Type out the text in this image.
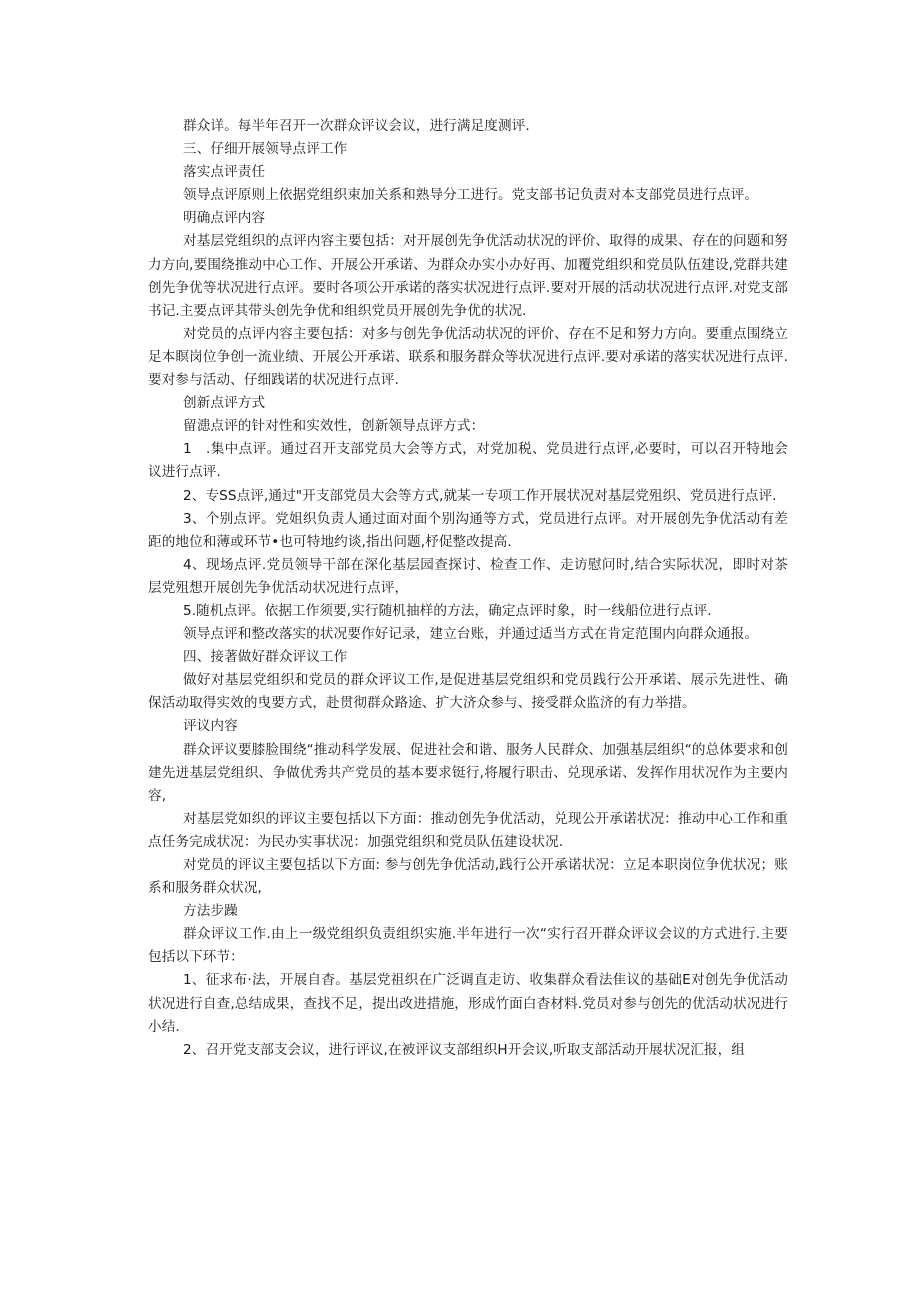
群众详。每半年召开一次群众评议会议，进行满足度测评.

三、仔细开展领导点评工作

落实点评责任

领导点评原则上依据党组织束加关系和熟导分工进行。党支部书记负责对本支部党员进行点评。

明确点评内容

对基层党组织的点评内容主要包括：对开展创先争优活动状况的评价、取得的成果、存在的问题和努力方向,要围绕推动中心工作、开展公开承诺、为群众办实小办好再、加覆党组织和党员队伍建设,党群共建创先争优等状况进行点评。要时各项公开承诺的落实状况进行点评.要对开展的活动状况进行点评.对党支部书记.主要点评其带头创先争优和组织党员开展创先争优的状况.

对党员的点评内容主要包括：对多与创先争优活动状况的评价、存在不足和努力方向。要重点围绕立足本瞑岗位争创一流业绩、开展公开承诺、联系和服务群众等状况进行点评.要对承诺的落实状况进行点评.要对参与活动、仔细践诺的状况进行点评.

创新点评方式

留漶点评的针对性和实效性，创新领导点评方式：

1　.集中点评。通过召开支部党员大会等方式，对党加税、党员进行点评,必要时，可以召开特地会议进行点评.

2、专SS点评,通过"开支部党员大会等方式,就某一专项工作开展状况对基层党殂织、党员进行点评.

3、个别点评。党姐织负责人通过面对面个别沟通等方式，党员进行点评。对开展创先争优活动有差距的地位和薄或环节•也可特地约谈,指出问题,杼促整改提高.

4、现场点评.党员领导干部在深化基层园查探讨、检查工作、走访慰问时,结合实际状况，即时对茶层党殂想开展创先争优活动状况进行点评，

5.随机点评。依据工作须要,实行随机抽样的方法，确定点评时象，时一线船位进行点评.

领导点评和整改落实的状况要作好记录，建立台账，并通过适当方式在肯定范围内向群众通报。

四、接著做好群众评议工作

做好对基层党组织和党员的群众评议工作,是促进基层党组织和党员践行公开承诺、展示先进性、确保活动取得实效的曳要方式，赴贯彻群众路途、扩大济众参与、接受群众监济的有力举措。

评议内容

群众评议要膝脸围绕“推动科学发展、促进社会和谐、服务人民群众、加强基层组织“的总体要求和创建先迸基层党组织、争做优秀共产党员的基本要求铤行,将履行职击、兑现承诺、发挥作用状况作为主要内容,

对基层党如织的评议主要包括以下方面：推动创先争优活动，兑现公开承诺状况：推动中心工作和重点任务完成状况：为民办实事状况：加强党组织和党员队伍建设状况.

对党员的评议主要包括以下方面: 参与创先争优活动,践行公开承诺状况：立足本职岗位争优状况；账系和服务群众状况,

方法步躁

群众评议工作.由上一级党组织负责组织实施.半年进行一次“实行召开群众评议会议的方式进行.主要包括以下环节：

1、征求布·法，开展自杳。基层党祖织在广泛调直走访、收集群众看法隹议的基础E对创先争优活动状况进行自查,总结成果，查找不足，提出改进措施，形成竹面白杳材料.党员对参与创先的优活动状况进行小结.

2、召开党支部支会议，进行评议,在被评议支部组织H开会议,听取支部活动开展状况汇报，组
